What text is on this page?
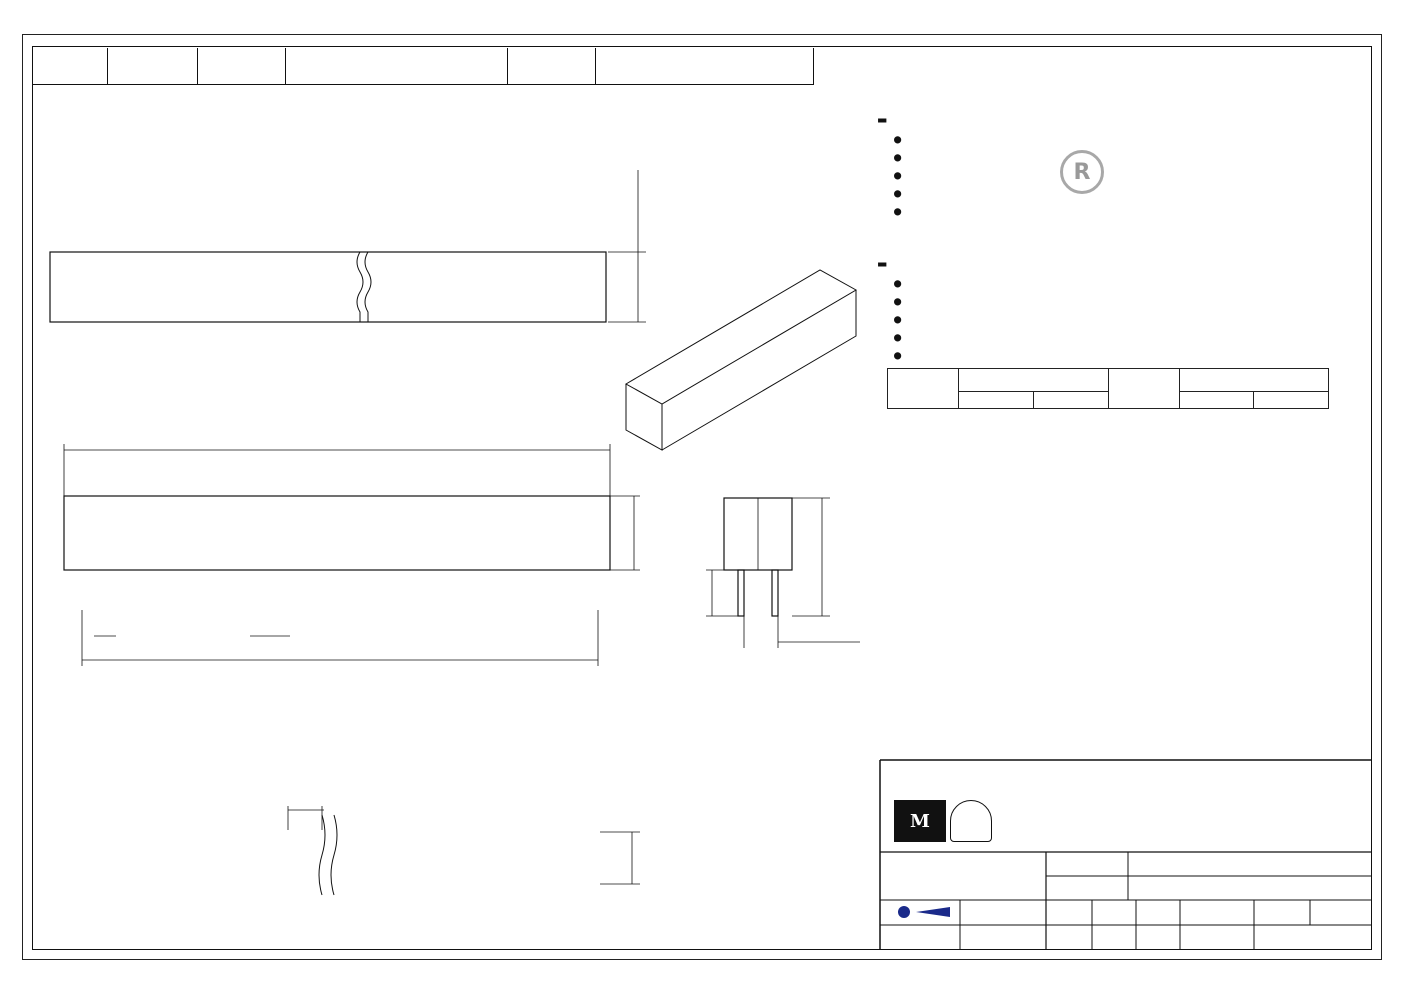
R
▬
●
●
●
●
●
▬
●
●
●
●
●

M
